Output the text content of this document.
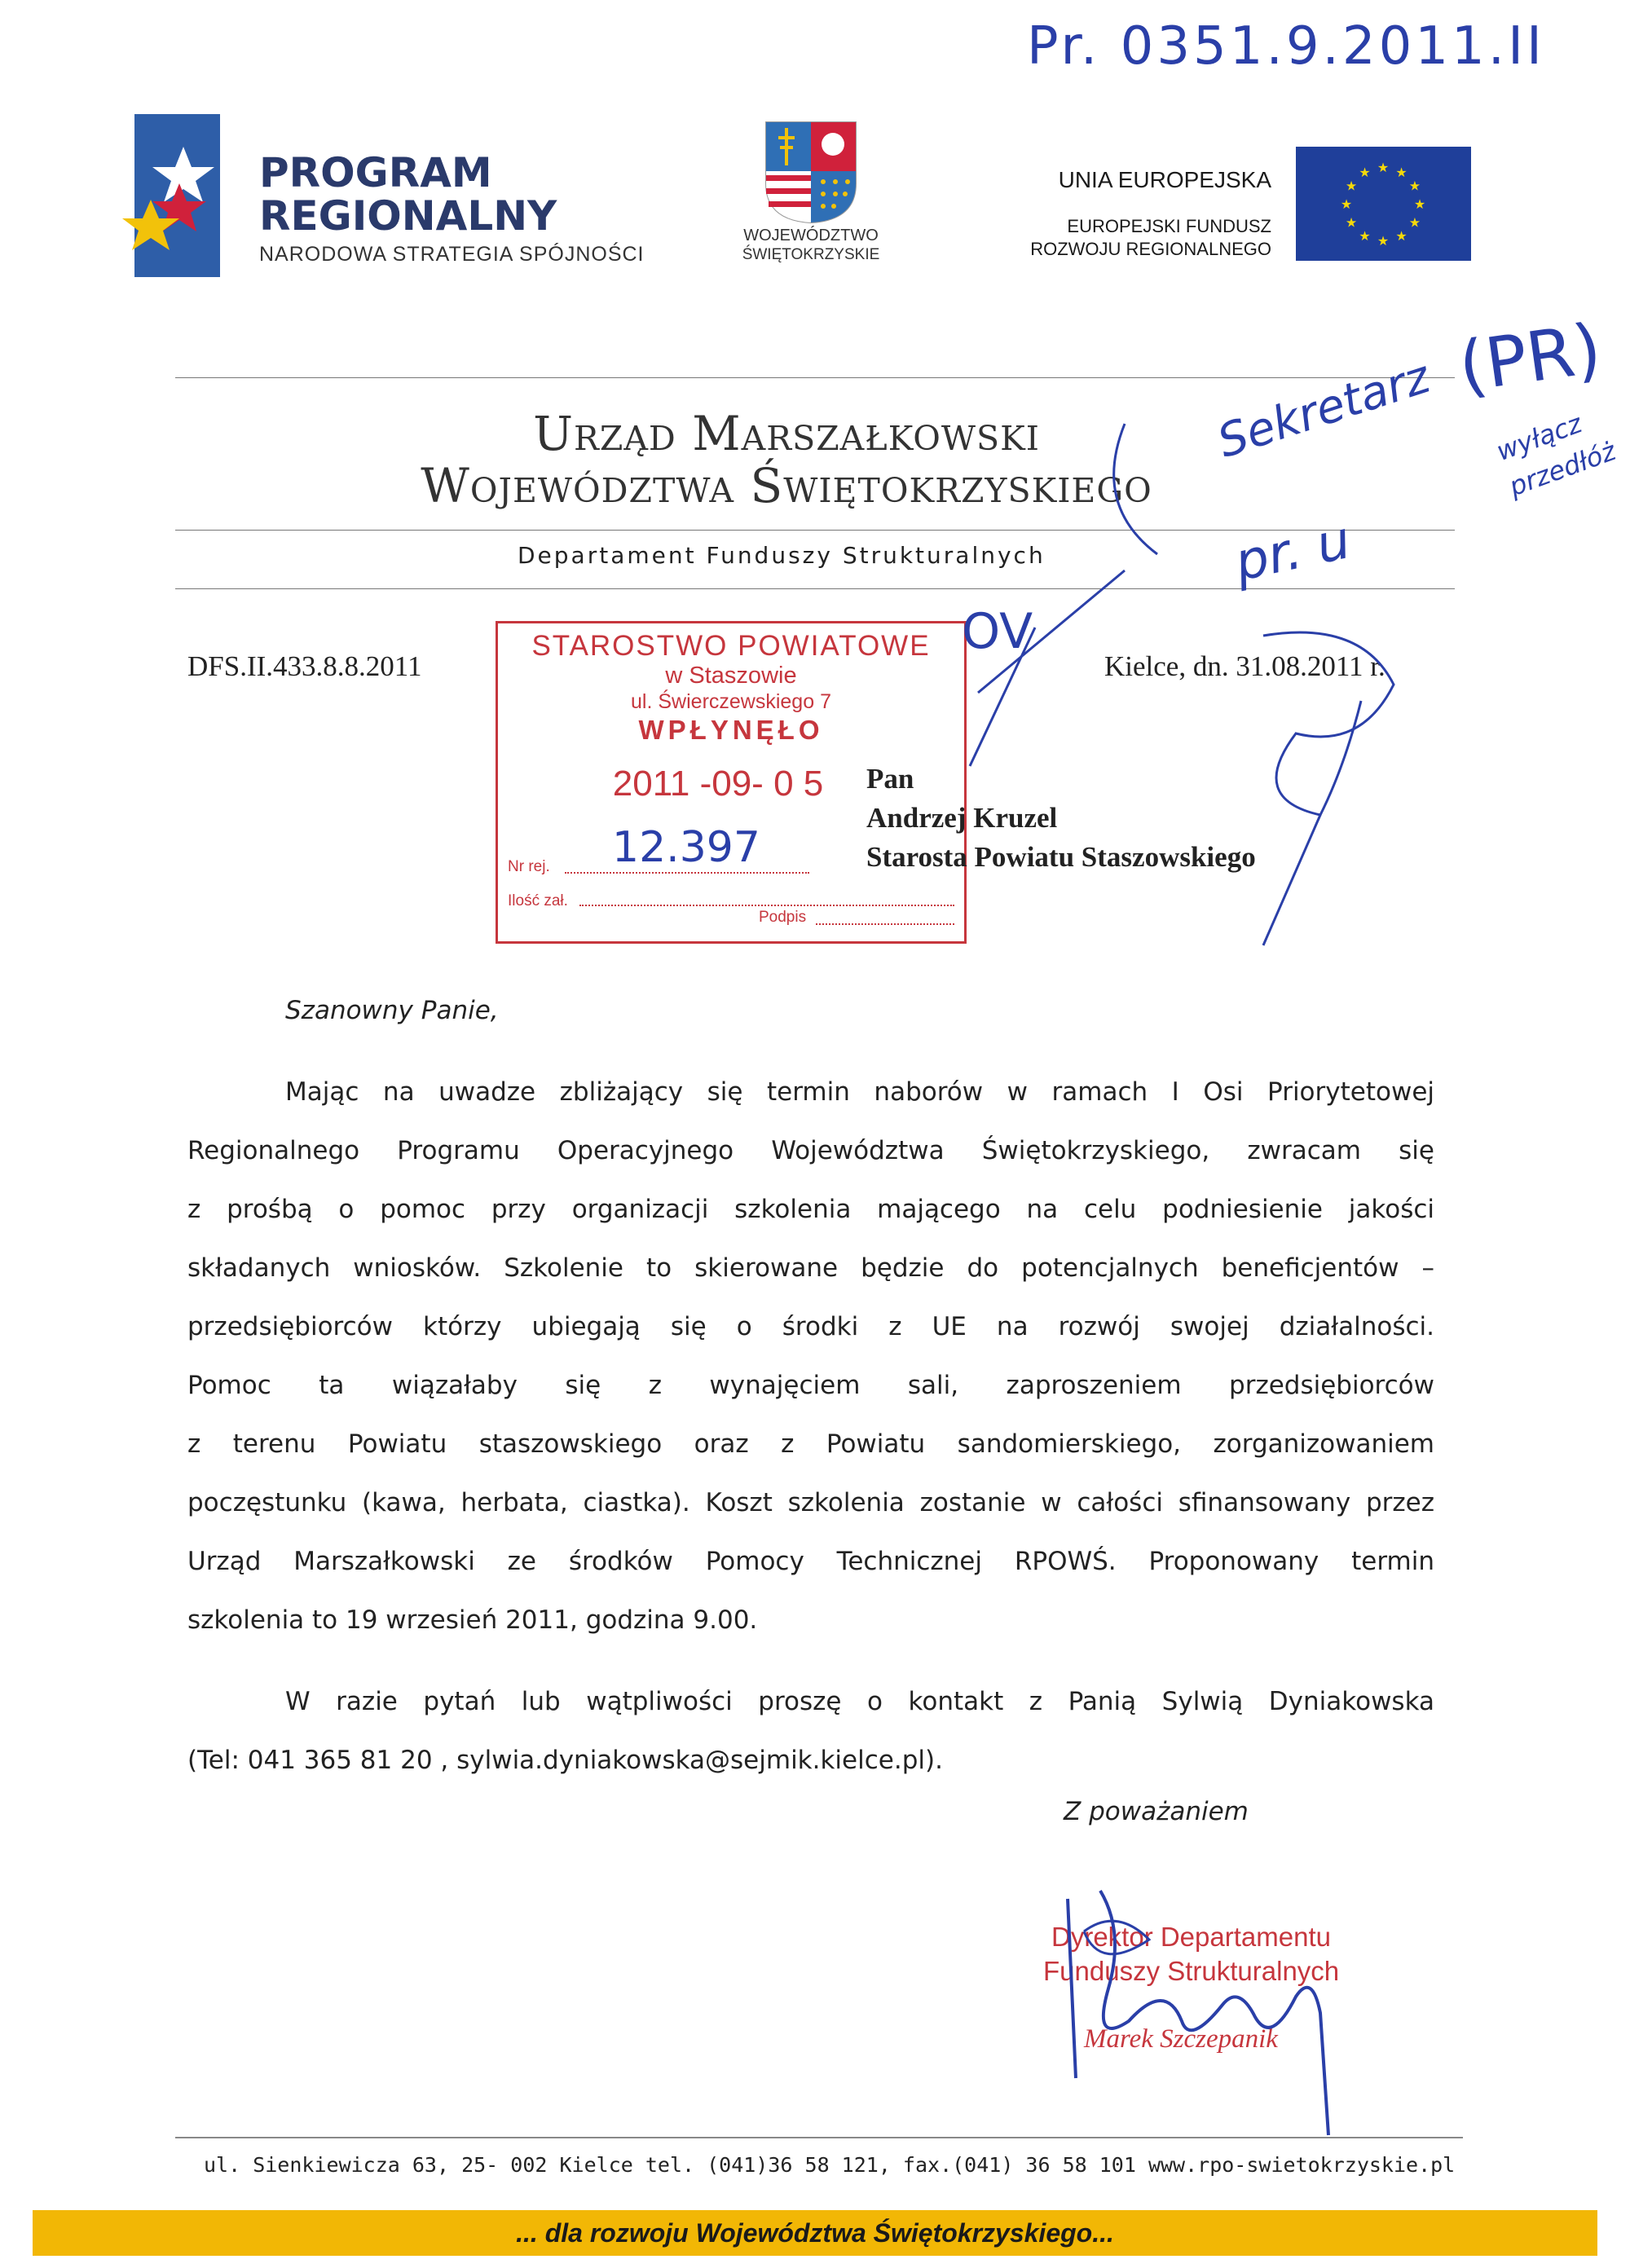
Pr. 0351.9.2011.II
PROGRAM
REGIONALNY
NARODOWA STRATEGIA SPÓJNOŚCI
WOJEWÓDZTWO
ŚWIĘTOKRZYSKIE
UNIA EUROPEJSKA
EUROPEJSKI FUNDUSZ
ROZWOJU REGIONALNEGO
★
★
★
★
★
★
★
★
★ ★ ★
★
Urząd Marszałkowski
Województwa Świętokrzyskiego
Departament Funduszy Strukturalnych
DFS.II.433.8.8.2011	Kielce, dn. 31.08.2011 r.
STAROSTWO POWIATOWE
w Staszowie
ul. Świerczewskiego 7
WPŁYNĘŁO
2011 -09- 0 5
Nr rej. 12.397
Ilość zał.
Podpis
Pan
Andrzej Kruzel
Starosta Powiatu Staszowskiego
Szanowny Panie,
Mając na uwadze zbliżający się termin naborów w ramach I Osi Priorytetowej
Regionalnego Programu Operacyjnego Województwa Świętokrzyskiego, zwracam się
z prośbą o pomoc przy organizacji szkolenia mającego na celu podniesienie jakości
składanych wniosków. Szkolenie to skierowane będzie do potencjalnych beneficjentów –
przedsiębiorców którzy ubiegają się o środki z UE na rozwój swojej działalności.
Pomoc ta wiązałaby się z wynajęciem sali, zaproszeniem przedsiębiorców
z terenu Powiatu staszowskiego oraz z Powiatu sandomierskiego, zorganizowaniem
poczęstunku (kawa, herbata, ciastka). Koszt szkolenia zostanie w całości sfinansowany przez
Urząd Marszałkowski ze środków Pomocy Technicznej RPOWŚ. Proponowany termin
szkolenia to 19 wrzesień 2011, godzina 9.00.
W razie pytań lub wątpliwości proszę o kontakt z Panią Sylwią Dyniakowska
(Tel: 041 365 81 20 , sylwia.dyniakowska@sejmik.kielce.pl).
Z poważaniem
Dyrektor Departamentu
Funduszy Strukturalnych
Marek Szczepanik
Sekretarz
pr. u
(PR)
wyłącz przedłóż
OV
ul. Sienkiewicza 63, 25- 002 Kielce tel. (041)36 58 121, fax.(041) 36 58 101 www.rpo-swietokrzyskie.pl
... dla rozwoju Województwa Świętokrzyskiego...
